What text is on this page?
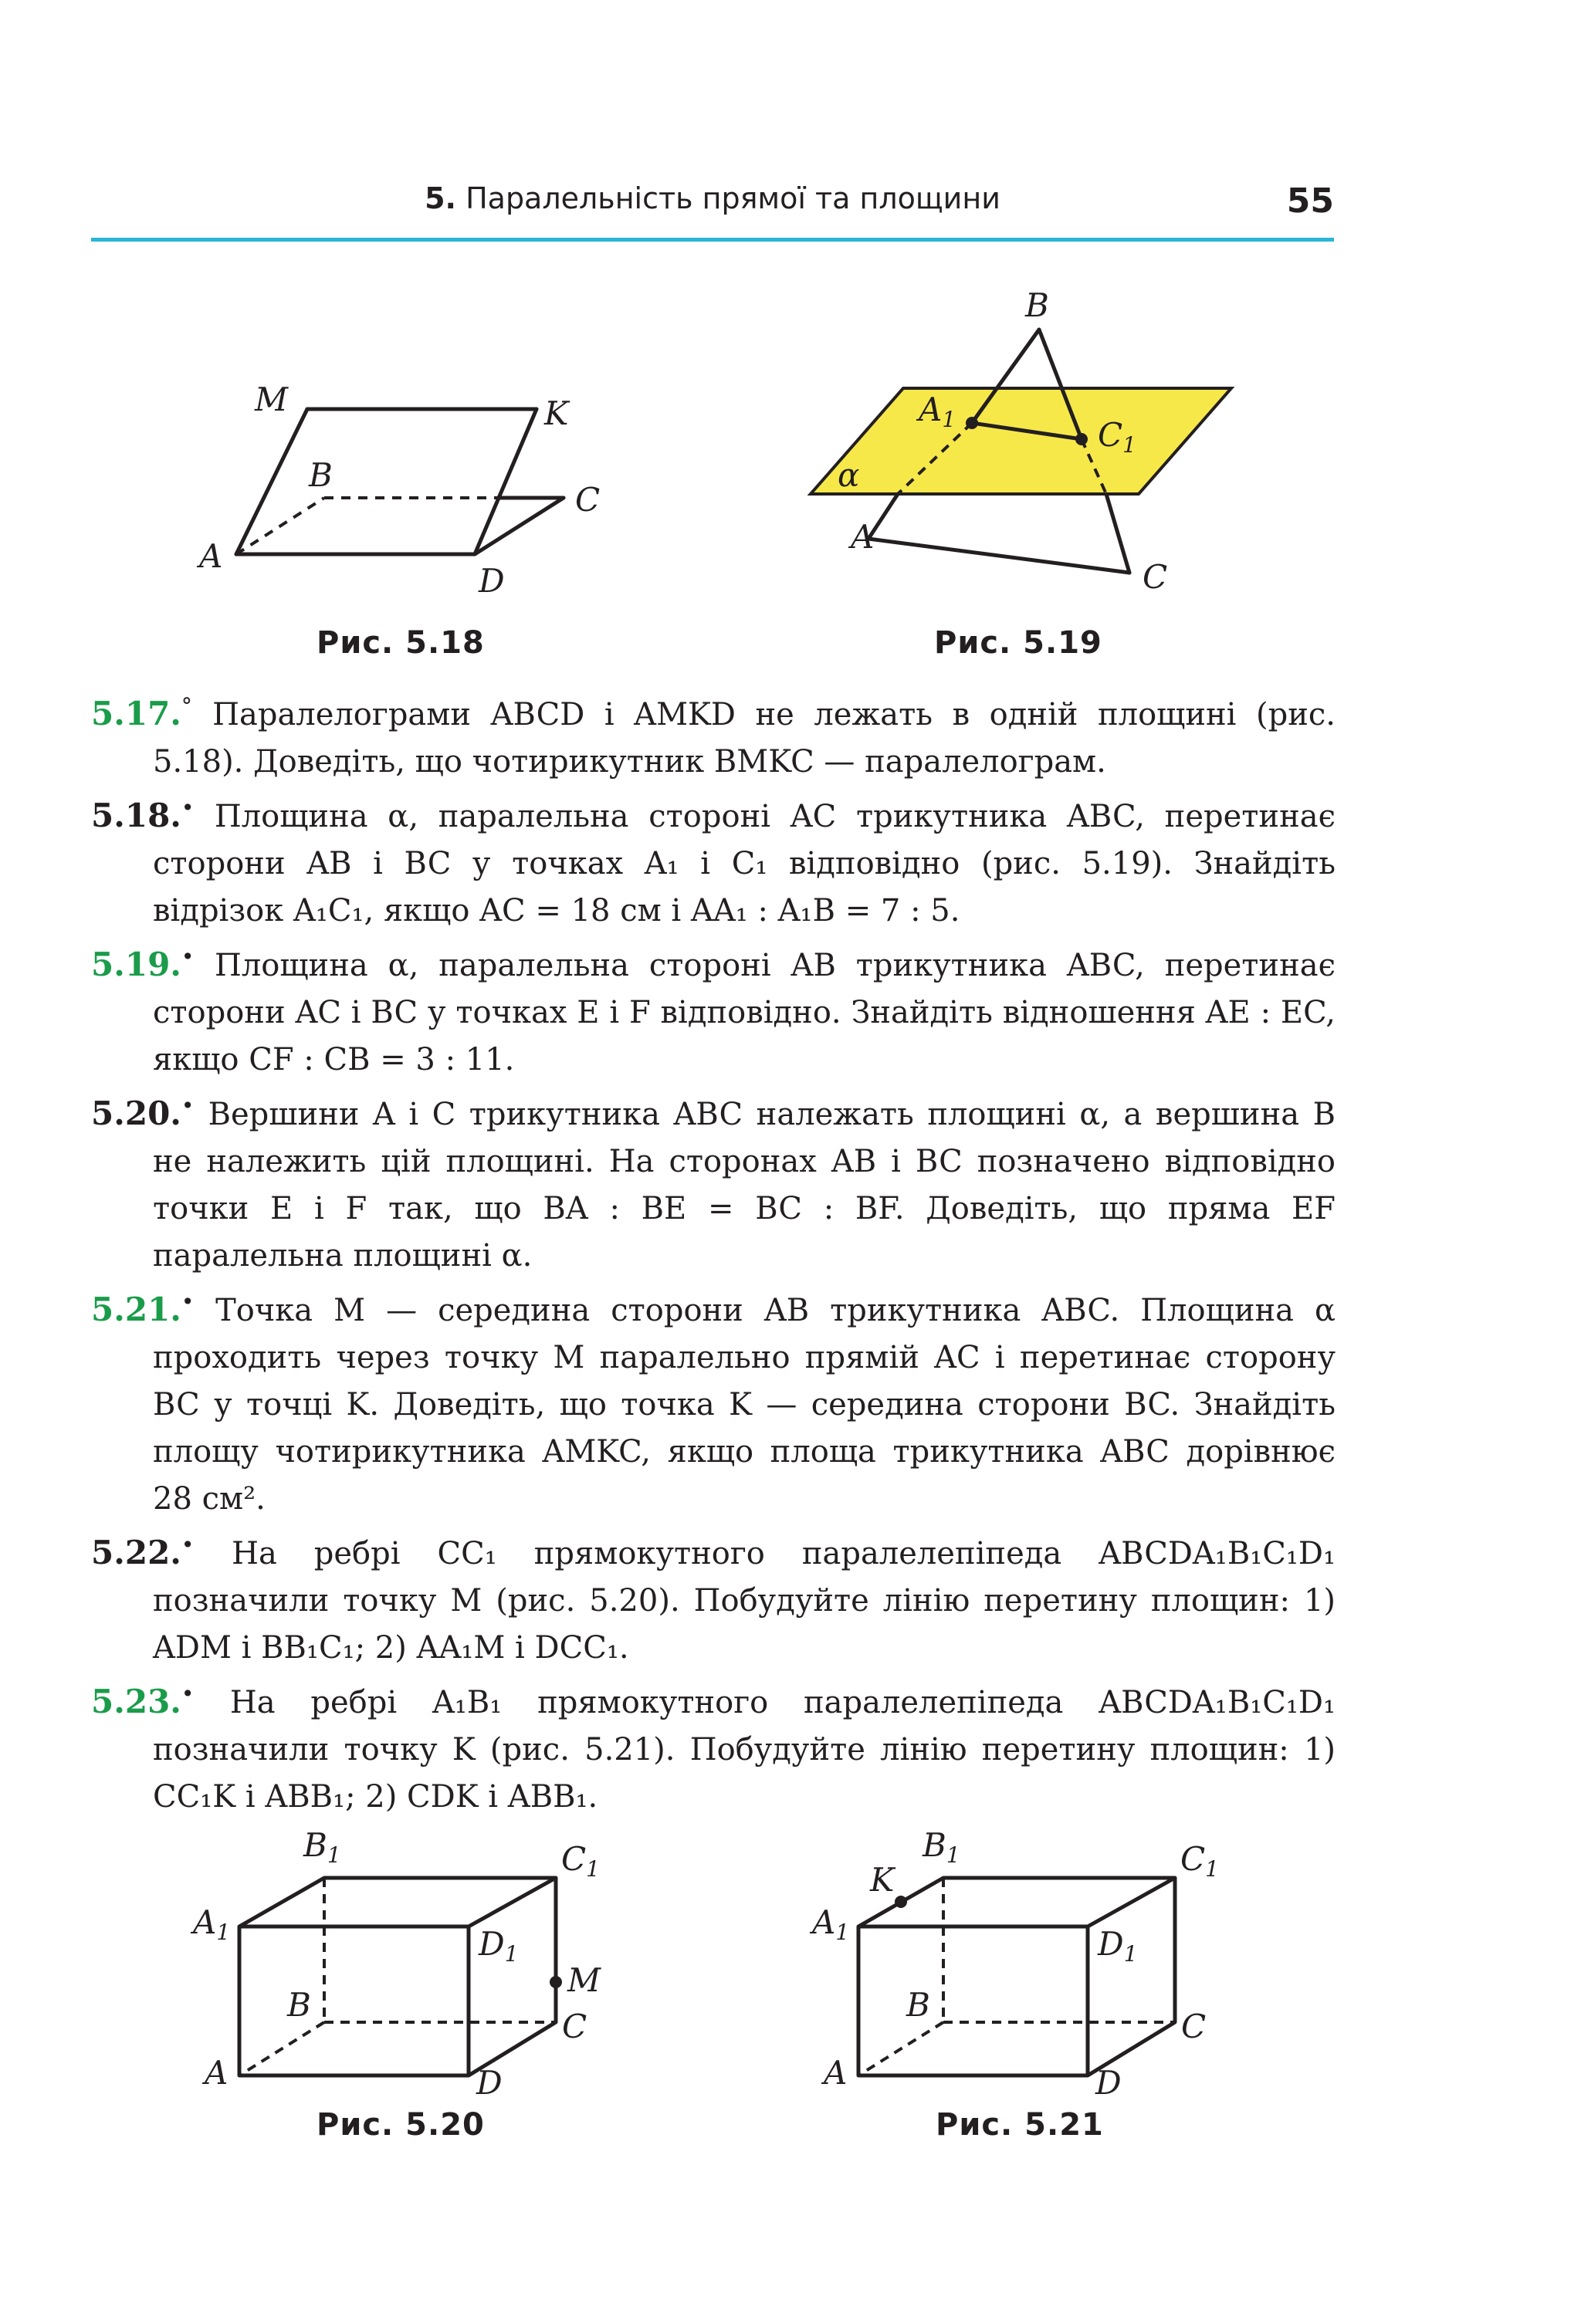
5. Паралельність прямої та площини	55
M	K
B
C
A
D
Рис. 5.18
B
A1	C1
α
A
C
Рис. 5.19
5.17.° Паралелограми ABCD і AMKD не лежать в одній площині (рис. 5.18). Доведіть, що чотирикутник BMKC — паралелограм.
5.18.• Площина α, паралельна стороні AC трикутника ABC, перетинає сторони AB і BC у точках A₁ і C₁ відповідно (рис. 5.19). Знайдіть відрізок A₁C₁, якщо AC = 18 см і AA₁ : A₁B = 7 : 5.
5.19.• Площина α, паралельна стороні AB трикутника ABC, перетинає сторони AC і BC у точках E і F відповідно. Знайдіть відношення AE : EC, якщо CF : CB = 3 : 11.
5.20.• Вершини A і C трикутника ABC належать площині α, а вершина B не належить цій площині. На сторонах AB і BC позначено відповідно точки E і F так, що BA : BE = BC : BF. Доведіть, що пряма EF паралельна площині α.
5.21.• Точка M — середина сторони AB трикутника ABC. Площина α проходить через точку M паралельно прямій AC і перетинає сторону BC у точці K. Доведіть, що точка K — середина сторони BC. Знайдіть площу чотирикутника AMKC, якщо площа трикутника ABC дорівнює 28 см².
5.22.• На ребрі CC₁ прямокутного паралелепіпеда ABCDA₁B₁C₁D₁ позначили точку M (рис. 5.20). Побудуйте лінію перетину площин: 1) ADM і BB₁C₁; 2) AA₁M і DCC₁.
5.23.• На ребрі A₁B₁ прямокутного паралелепіпеда ABCDA₁B₁C₁D₁ позначили точку K (рис. 5.21). Побудуйте лінію перетину площин: 1) CC₁K і ABB₁; 2) CDK і ABB₁.
B1	C1
A1	D1
M
B
C
A	D
Рис. 5.20
B1
K
C1
A1	D1
B
C
A	D
Рис. 5.21
